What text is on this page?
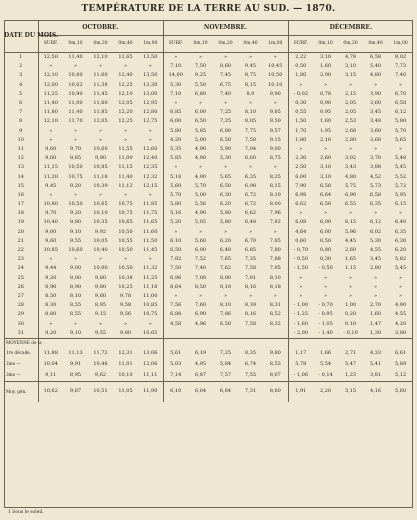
TEMPÉRATURE DE LA TERRE AU SUD. — 1870.
DATE DU MOIS.	OCTOBRE.					NOVEMBRE.					DÉCEMBRE.				
	SURF.	0m,10	0m,20	0m,40	1m,00	SURF.	0m,10	0m,20	0m,40	1m,00	SURF.	0m,10	0m,20	0m,40	1m,00
1	12,50	11,40	12,10	12,65	13,50	»	»	»	»	»	2,22	3,10	4,78	6,58	8,02
2	»	»	»	»	»	7,10	7,50	8,60	9,45	10,45	0,50	1,60	3,10	5,40	7,73
3	12,10	10,80	11,60	12,40	13,50	14,00	9,25	7,45	8,75	10,50	1,80	2,00	3,15	4,80	7,40
4	12,00	10,62	11,38	12,25	13,30	5,30	5,50	6,75	8,15	10,10	»	»	»	»	»
5	11,25	10,90	11,45	12,10	13,00	7,10	6,80	7,40	8,0	9,90	- 0,02	0,78	2,15	3,90	6,70
6	11,40	11,00	11,60	12,05	12,95	»	»	»	»	»	0,30	0,90	2,05	3,60	6,58
7	11,80	11,40	11,85	12,20	12,80	6,85	6,00	7,25	8,10	9,85	0,55	0,95	2,05	3,45	6,12
8	12,10	11,70	12,05	12,25	12,75	6,00	6,50	7,25	8,05	9,50	1,50	1,60	2,53	3,48	5,80
9	»	»	»	»	»	5,80	5,85	6,80	7,75	9,57	1,70	1,95	2,68	3,60	5,70
10	»	»	»	»	»	4,20	5,00	6,50	7,50	9,15	1,80	2,10	2,80	3,68	5,65
11	9,60	9,70	10,60	11,55	12,60	5,35	4,90	5,90	7,04	9,00	»	»	»	»	»
12	9,60	9,85	9,90	11,00	12,40	5,85	4,90	5,30	6,60	8,75	2,30	2,60	3,02	3,70	5,48
13	11,15	10,50	10,85	11,15	12,35	»	»	»	»	»	2,50	3,10	3,43	3,88	5,45
14	11,20	10,75	11,18	11,40	12,32	5,18	4,90	5,65	6,35	8,25	6,00	3,10	4,80	4,52	5,52
15	9,45	9,20	10,39	11,12	12,15	5,60	5,70	6,50	6,98	8,15	7,90	6,58	5,75	5,73	5,72
16	»	»	»	»	»	5,70	5,00	6,30	6,72	8,10	6,98	6,64	6,90	6,58	5,95
17	10,80	10,50	10,65	10,75	11,85	5,80	5,56	6,20	6,72	8,00	6,62	6,50	6,55	6,35	6,15
18	9,70	9,20	10,10	10,75	11,75	5,16	4,90	5,80	6,62	7,96	»	»	»	»	»
19	10,40	9,80	10,35	10,65	11,65	5,20	5,05	5,80	6,48	7,92	6,08	6,00	6,15	6,12	6,40
20	9,00	9,10	9,92	10,50	11,60	»	»	»	»	»	4,64	6,00	5,96	6,02	6,35
21	9,60	9,55	10,05	10,55	11,50	6,10	5,60	6,20	6,70	7,85	0,60	0,50	4,45	5,30	6,30
22	10,85	10,60	10,40	10,50	11,45	6,50	6,00	6,48	6,85	7,80	- 0,70	0,80	2,60	4,55	6,20
23	»	»	»	»	»	7,82	7,52	7,65	7,35	7,88	- 0,50	0,30	1,65	3,45	5,82
24	9,44	9,00	10,00	10,50	11,32	7,50	7,40	7,62	7,58	7,95	- 1,50	- 0,50	1,15	2,80	5,45
25	9,20	9,00	9,80	10,38	11,25	6,96	7,08	8,00	7,81	8,10	»	»	»	»	»
26	8,90	8,90	9,80	10,25	11,18	8,64	8,50	8,18	8,16	8,18	»	»	»	»	»
27	8,50	8,10	9,60	9,78	11,00	»	»	»	»	»	»	»	»	»	»
28	8,30	8,55	8,95	9,58	10,85	7,56	7,60	8,10	8,39	8,31	- 1,00	- 0,70	1,00	2,70	4,90
29	8,80	8,55	9,15	9,56	10,75	6,88	6,90	7,86	8,16	8,52	- 1,25	- 0,95	0,20	1,60	4,55
30	»	»	»	»	»	4,58	4,96	6,50	7,58	8,32	- 1,60	- 1,05	0,10	1,47	4,20
31	9,20	9,10	9,55	9,80	10,65						- 2,00	- 1,40	- 0,10	1,30	3,80
MOYENNE de la															
1re décade.	11,88	11,13	11,72	12,31	13,06	5,61	6,19	7,25	8,35	9,80	1,17	1,66	2,71	4,33	6,61
2me —	10,04	9,91	10,46	11,01	12,06	5,03	4,95	5,84	6,74	8,53	5,78	5,54	5,47	5,41	5,89
3me —	9,11	8,95	9,62	10,10	11,11	7,14	6,87	7,57	7,55	8,07	- 1,06	- 0,14	1,23	3,81	5,12
Moy. gén.	10,62	9,87	10,51	11,05	11,90	6,10	6,04	6,84	7,31	8,60	1,91	2,20	3,15	4,16	5,60
1 Sous le soleil.
